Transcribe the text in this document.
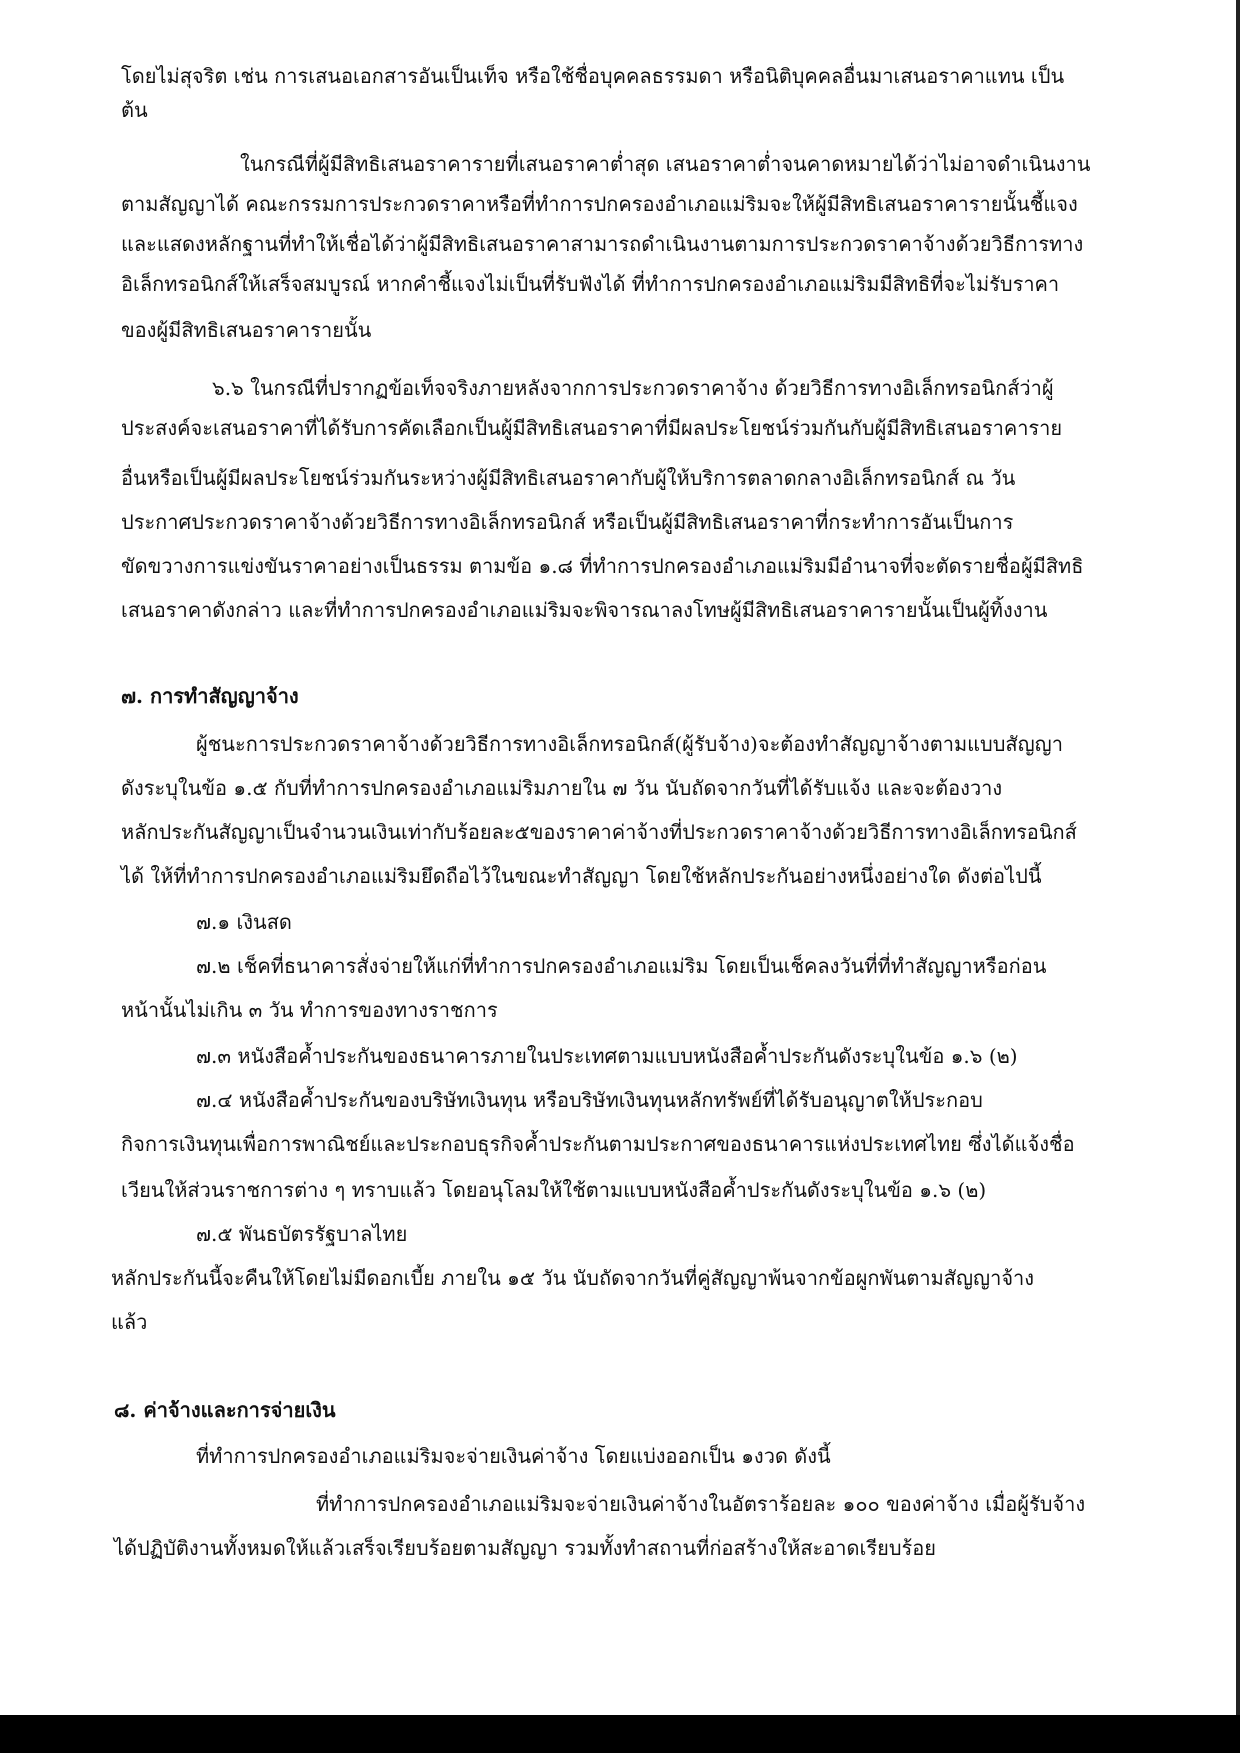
โดยไม่สุจริต เช่น การเสนอเอกสารอันเป็นเท็จ หรือใช้ชื่อบุคคลธรรมดา หรือนิติบุคคลอื่นมาเสนอราคาแทน เป็น
ต้น
ในกรณีที่ผู้มีสิทธิเสนอราคารายที่เสนอราคาต่ำสุด เสนอราคาต่ำจนคาดหมายได้ว่าไม่อาจดำเนินงาน
ตามสัญญาได้ คณะกรรมการประกวดราคาหรือที่ทำการปกครองอำเภอแม่ริมจะให้ผู้มีสิทธิเสนอราคารายนั้นชี้แจง
และแสดงหลักฐานที่ทำให้เชื่อได้ว่าผู้มีสิทธิเสนอราคาสามารถดำเนินงานตามการประกวดราคาจ้างด้วยวิธีการทาง
อิเล็กทรอนิกส์ให้เสร็จสมบูรณ์ หากคำชี้แจงไม่เป็นที่รับฟังได้ ที่ทำการปกครองอำเภอแม่ริมมีสิทธิที่จะไม่รับราคา
ของผู้มีสิทธิเสนอราคารายนั้น
๖.๖ ในกรณีที่ปรากฏข้อเท็จจริงภายหลังจากการประกวดราคาจ้าง ด้วยวิธีการทางอิเล็กทรอนิกส์ว่าผู้
ประสงค์จะเสนอราคาที่ได้รับการคัดเลือกเป็นผู้มีสิทธิเสนอราคาที่มีผลประโยชน์ร่วมกันกับผู้มีสิทธิเสนอราคาราย
อื่นหรือเป็นผู้มีผลประโยชน์ร่วมกันระหว่างผู้มีสิทธิเสนอราคากับผู้ให้บริการตลาดกลางอิเล็กทรอนิกส์ ณ วัน
ประกาศประกวดราคาจ้างด้วยวิธีการทางอิเล็กทรอนิกส์ หรือเป็นผู้มีสิทธิเสนอราคาที่กระทำการอันเป็นการ
ขัดขวางการแข่งขันราคาอย่างเป็นธรรม ตามข้อ ๑.๘ ที่ทำการปกครองอำเภอแม่ริมมีอำนาจที่จะตัดรายชื่อผู้มีสิทธิ
เสนอราคาดังกล่าว และที่ทำการปกครองอำเภอแม่ริมจะพิจารณาลงโทษผู้มีสิทธิเสนอราคารายนั้นเป็นผู้ทิ้งงาน
๗. การทำสัญญาจ้าง
ผู้ชนะการประกวดราคาจ้างด้วยวิธีการทางอิเล็กทรอนิกส์(ผู้รับจ้าง)จะต้องทำสัญญาจ้างตามแบบสัญญา
ดังระบุในข้อ ๑.๕ กับที่ทำการปกครองอำเภอแม่ริมภายใน ๗ วัน นับถัดจากวันที่ได้รับแจ้ง และจะต้องวาง
หลักประกันสัญญาเป็นจำนวนเงินเท่ากับร้อยละ๕ของราคาค่าจ้างที่ประกวดราคาจ้างด้วยวิธีการทางอิเล็กทรอนิกส์
ได้ ให้ที่ทำการปกครองอำเภอแม่ริมยึดถือไว้ในขณะทำสัญญา โดยใช้หลักประกันอย่างหนึ่งอย่างใด ดังต่อไปนี้
๗.๑ เงินสด
๗.๒ เช็คที่ธนาคารสั่งจ่ายให้แก่ที่ทำการปกครองอำเภอแม่ริม โดยเป็นเช็คลงวันที่ที่ทำสัญญาหรือก่อน
หน้านั้นไม่เกิน ๓ วัน ทำการของทางราชการ
๗.๓ หนังสือค้ำประกันของธนาคารภายในประเทศตามแบบหนังสือค้ำประกันดังระบุในข้อ ๑.๖ (๒)
๗.๔ หนังสือค้ำประกันของบริษัทเงินทุน หรือบริษัทเงินทุนหลักทรัพย์ที่ได้รับอนุญาตให้ประกอบ
กิจการเงินทุนเพื่อการพาณิชย์และประกอบธุรกิจค้ำประกันตามประกาศของธนาคารแห่งประเทศไทย ซึ่งได้แจ้งชื่อ
เวียนให้ส่วนราชการต่าง ๆ ทราบแล้ว โดยอนุโลมให้ใช้ตามแบบหนังสือค้ำประกันดังระบุในข้อ ๑.๖ (๒)
๗.๕ พันธบัตรรัฐบาลไทย
หลักประกันนี้จะคืนให้โดยไม่มีดอกเบี้ย ภายใน ๑๕ วัน นับถัดจากวันที่คู่สัญญาพ้นจากข้อผูกพันตามสัญญาจ้าง
แล้ว
๘. ค่าจ้างและการจ่ายเงิน
ที่ทำการปกครองอำเภอแม่ริมจะจ่ายเงินค่าจ้าง โดยแบ่งออกเป็น ๑งวด ดังนี้
ที่ทำการปกครองอำเภอแม่ริมจะจ่ายเงินค่าจ้างในอัตราร้อยละ ๑๐๐ ของค่าจ้าง เมื่อผู้รับจ้าง
ได้ปฏิบัติงานทั้งหมดให้แล้วเสร็จเรียบร้อยตามสัญญา รวมทั้งทำสถานที่ก่อสร้างให้สะอาดเรียบร้อย
